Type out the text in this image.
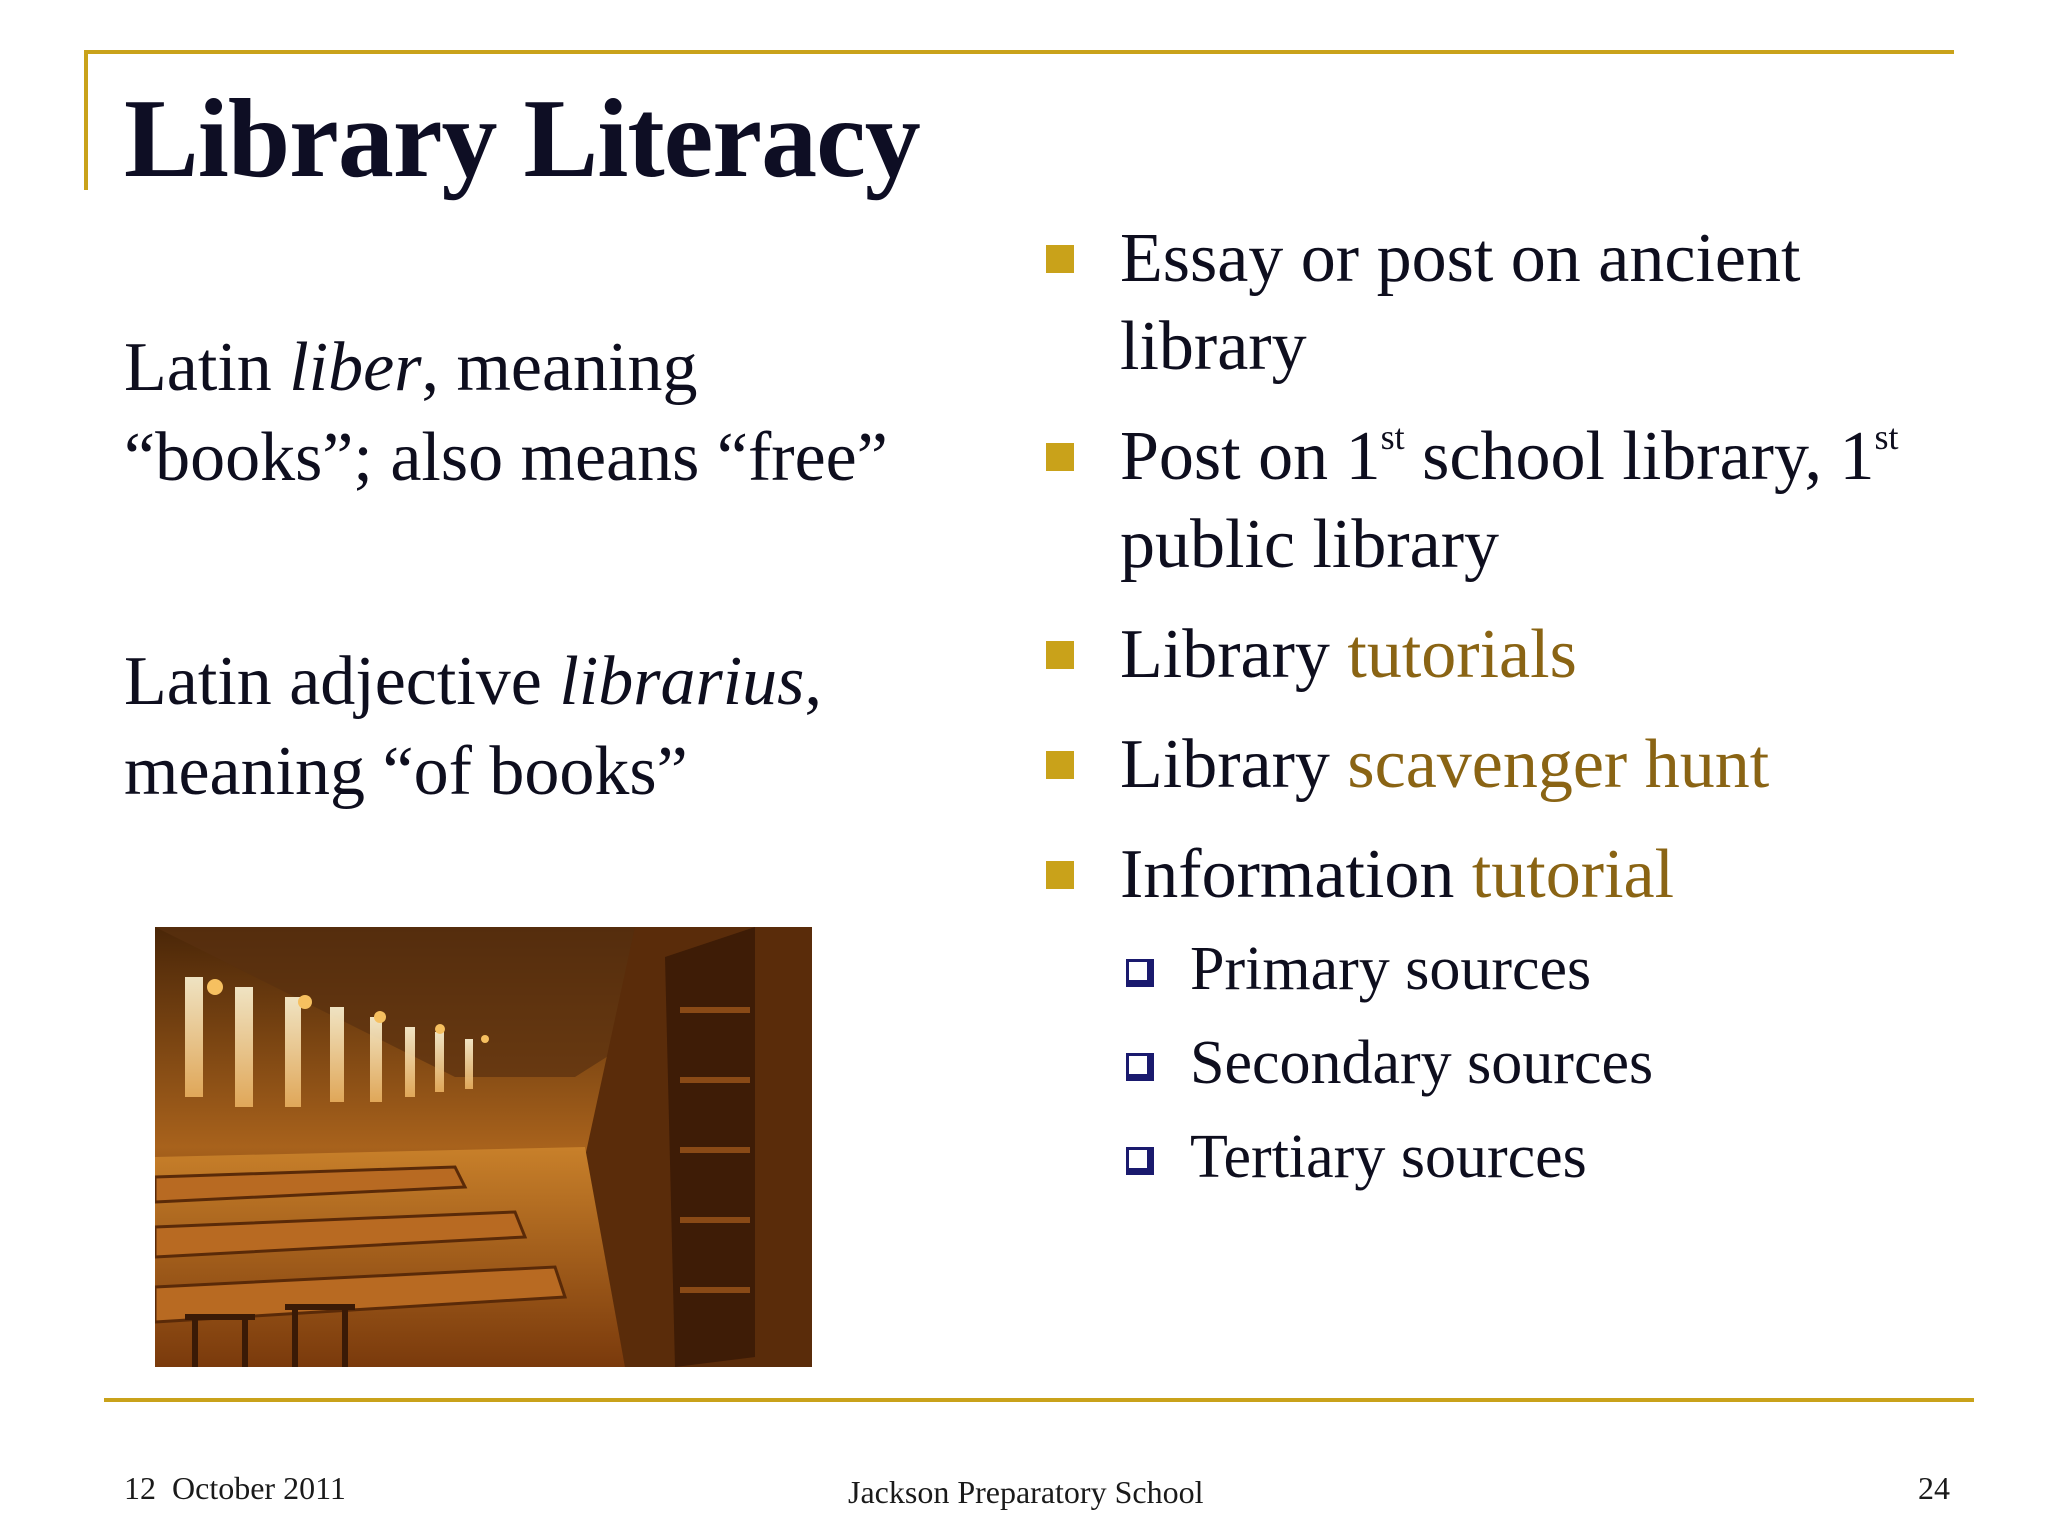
Library Literacy
Latin liber, meaning
“books”; also means “free”
Latin adjective librarius,
meaning “of books”
Essay or post on ancient library
Post on 1st school library, 1st public library
Library tutorials
Library scavenger hunt
Information tutorial
Primary sources
Secondary sources
Tertiary sources
12  October 2011	Jackson Preparatory School	24
